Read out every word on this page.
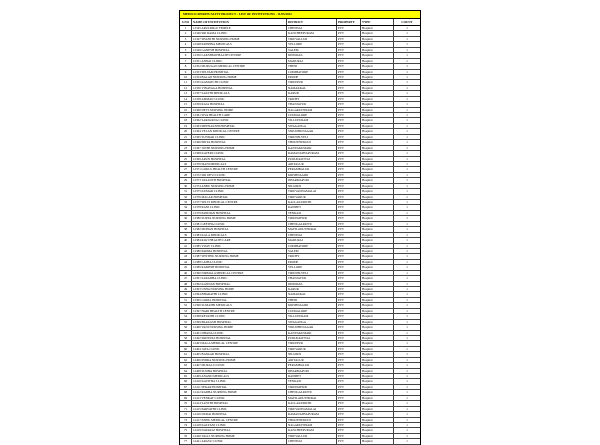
MEDICO-SPIRITUALITY PROJECT - LIST OF INSTITUTIONS - 11/05/2022
S.NO	NAME OF INSTITUTION	DISTRICT	PROPERTY	TYPE	COUNT
1	12345 ARULMIGU TEMPLE	CHENNAI	PVT	Hospital	1
2	12346 SRI RAMA CLINIC	KANCHEEPURAM	PVT	Hospital	1
3	12347 SHANTHI NURSING HOME	TIRUVALLUR	PVT	Hospital	1
4	12348 KRISHNA MEDICALS	VELLORE	PVT	Hospital	1
5	12349 GANESH HOSPITAL	SALEM	PVT	Hospital	1
6	12350 LAKSHMI HEALTH CENTRE	DINDIGUL	PVT	Hospital	1
7	12351 ANNAI CLINIC	MADURAI	PVT	Hospital	1
8	12352 MURUGAN MEDICAL CENTRE	THENI	PVT	Hospital	1
9	12353 SELVAM HOSPITAL	COIMBATORE	PVT	Hospital	1
10	12354 BALAJI NURSING HOME	ERODE	PVT	Hospital	1
11	12355 KAMATCHI CLINIC	TIRUPPUR	PVT	Hospital	1
12	12356 VINAYAGA HOSPITAL	NAMAKKAL	PVT	Hospital	1
13	12357 SAKTHI MEDICALS	KARUR	PVT	Hospital	1
14	12358 AMMAN CLINIC	TRICHY	PVT	Hospital	1
15	12359 RAJA HOSPITAL	THANJAVUR	PVT	Hospital	1
16	12360 DEVI NURSING HOME	NAGAPATTINAM	PVT	Hospital	1
17	12361 SIVA HEALTH CARE	CUDDALORE	PVT	Hospital	1
18	12362 SARAVANA CLINIC	VILLUPURAM	PVT	Hospital	1
19	12363 MEENAKSHI HOSPITAL	SIVAGANGA	PVT	Hospital	1
20	12364 VELAN MEDICAL CENTRE	VIRUDHUNAGAR	PVT	Hospital	1
21	12365 SUNDAR CLINIC	TIRUNELVELI	PVT	Hospital	1
22	12366 PRIYA HOSPITAL	THOOTHUKUDI	PVT	Hospital	1
23	12367 JOTHI NURSING HOME	KANYAKUMARI	PVT	Hospital	1
24	12368 KAVERI CLINIC	RAMANATHAPURAM	PVT	Hospital	1
25	12369 ARUN HOSPITAL	PUDUKKOTTAI	PVT	Hospital	1
26	12370 MANI MEDICALS	ARIYALUR	PVT	Hospital	1
27	12371 GOKUL HEALTH CENTRE	PERAMBALUR	PVT	Hospital	1
28	12372 SRI DEVI CLINIC	KRISHNAGIRI	PVT	Hospital	1
29	12373 VASANTH HOSPITAL	DHARMAPURI	PVT	Hospital	1
30	12374 ANBU NURSING HOME	NILGIRIS	PVT	Hospital	1
31	12375 KUMAR CLINIC	TIRUVANNAMALAI	PVT	Hospital	1
32	12376 MALAR HOSPITAL	TIRUVARUR	PVT	Hospital	1
33	12377 SELVI MEDICAL CENTRE	KALLAKURICHI	PVT	Hospital	1
34	12378 RANI CLINIC	RANIPET	PVT	Hospital	1
35	12379 PANDIAN HOSPITAL	TENKASI	PVT	Hospital	1
36	12380 SURYA NURSING HOME	TIRUPATHUR	PVT	Hospital	1
37	12381 GEETHA CLINIC	CHENGALPATTU	PVT	Hospital	1
38	12382 MOHAN HOSPITAL	MAYILADUTHURAI	PVT	Hospital	1
39	12383 KALA MEDICALS	CHENNAI	PVT	Hospital	1
40	12384 RAVI HEALTH CARE	MADURAI	PVT	Hospital	1
41	12385 VIJAY CLINIC	COIMBATORE	PVT	Hospital	1
42	12386 PADMA HOSPITAL	SALEM	PVT	Hospital	1
43	12387 SENTHIL NURSING HOME	TRICHY	PVT	Hospital	1
44	12388 LATHA CLINIC	ERODE	PVT	Hospital	1
45	12389 RAMESH HOSPITAL	VELLORE	PVT	Hospital	1
46	12390 NIRMALA MEDICAL CENTRE	TIRUNELVELI	PVT	Hospital	1
47	12391 SARADHA CLINIC	THANJAVUR	PVT	Hospital	1
48	12392 KANNAN HOSPITAL	DINDIGUL	PVT	Hospital	1
49	12393 USHA NURSING HOME	KARUR	PVT	Hospital	1
50	12394 BHARATHI CLINIC	NAMAKKAL	PVT	Hospital	1
51	12395 GOPAL HOSPITAL	THENI	PVT	Hospital	1
52	12396 SUMATHI MEDICALS	KRISHNAGIRI	PVT	Hospital	1
53	12397 HARI HEALTH CENTRE	CUDDALORE	PVT	Hospital	1
54	12398 REVATHI CLINIC	VILLUPURAM	PVT	Hospital	1
55	12399 PRAKASH HOSPITAL	SIVAGANGA	PVT	Hospital	1
56	12400 VANI NURSING HOME	VIRUDHUNAGAR	PVT	Hospital	1
57	12401 DHANA CLINIC	KANYAKUMARI	PVT	Hospital	1
58	12402 SRINIVAS HOSPITAL	PUDUKKOTTAI	PVT	Hospital	1
59	12403 MALA MEDICAL CENTRE	TIRUPPUR	PVT	Hospital	1
60	12404 JAYA CLINIC	TIRUVARUR	PVT	Hospital	1
61	12405 BASKAR HOSPITAL	NILGIRIS	PVT	Hospital	1
62	12406 INDRA NURSING HOME	ARIYALUR	PVT	Hospital	1
63	12407 MURALI CLINIC	PERAMBALUR	PVT	Hospital	1
64	12408 SUDHA HOSPITAL	DHARMAPURI	PVT	Hospital	1
65	12409 ANAND MEDICALS	RANIPET	PVT	Hospital	1
66	12410 KAVITHA CLINIC	TENKASI	PVT	Hospital	1
67	12411 SEKAR HOSPITAL	TIRUPATHUR	PVT	Hospital	1
68	12412 RADHA NURSING HOME	CHENGALPATTU	PVT	Hospital	1
69	12413 VENKAT CLINIC	MAYILADUTHURAI	PVT	Hospital	1
70	12414 SANTHI HOSPITAL	KALLAKURICHI	PVT	Hospital	1
71	12415 PARVATHI CLINIC	TIRUVANNAMALAI	PVT	Hospital	1
72	12416 DURAI HOSPITAL	RAMANATHAPURAM	PVT	Hospital	1
73	12417 EZHIL MEDICAL CENTRE	THOOTHUKUDI	PVT	Hospital	1
74	12418 KALYANI CLINIC	NAGAPATTINAM	PVT	Hospital	1
75	12419 NATARAJ HOSPITAL	KANCHEEPURAM	PVT	Hospital	1
76	12420 VALLI NURSING HOME	TIRUVALLUR	PVT	Hospital	1
77	12421 ARASU CLINIC	CHENNAI	PVT	Hospital	1
